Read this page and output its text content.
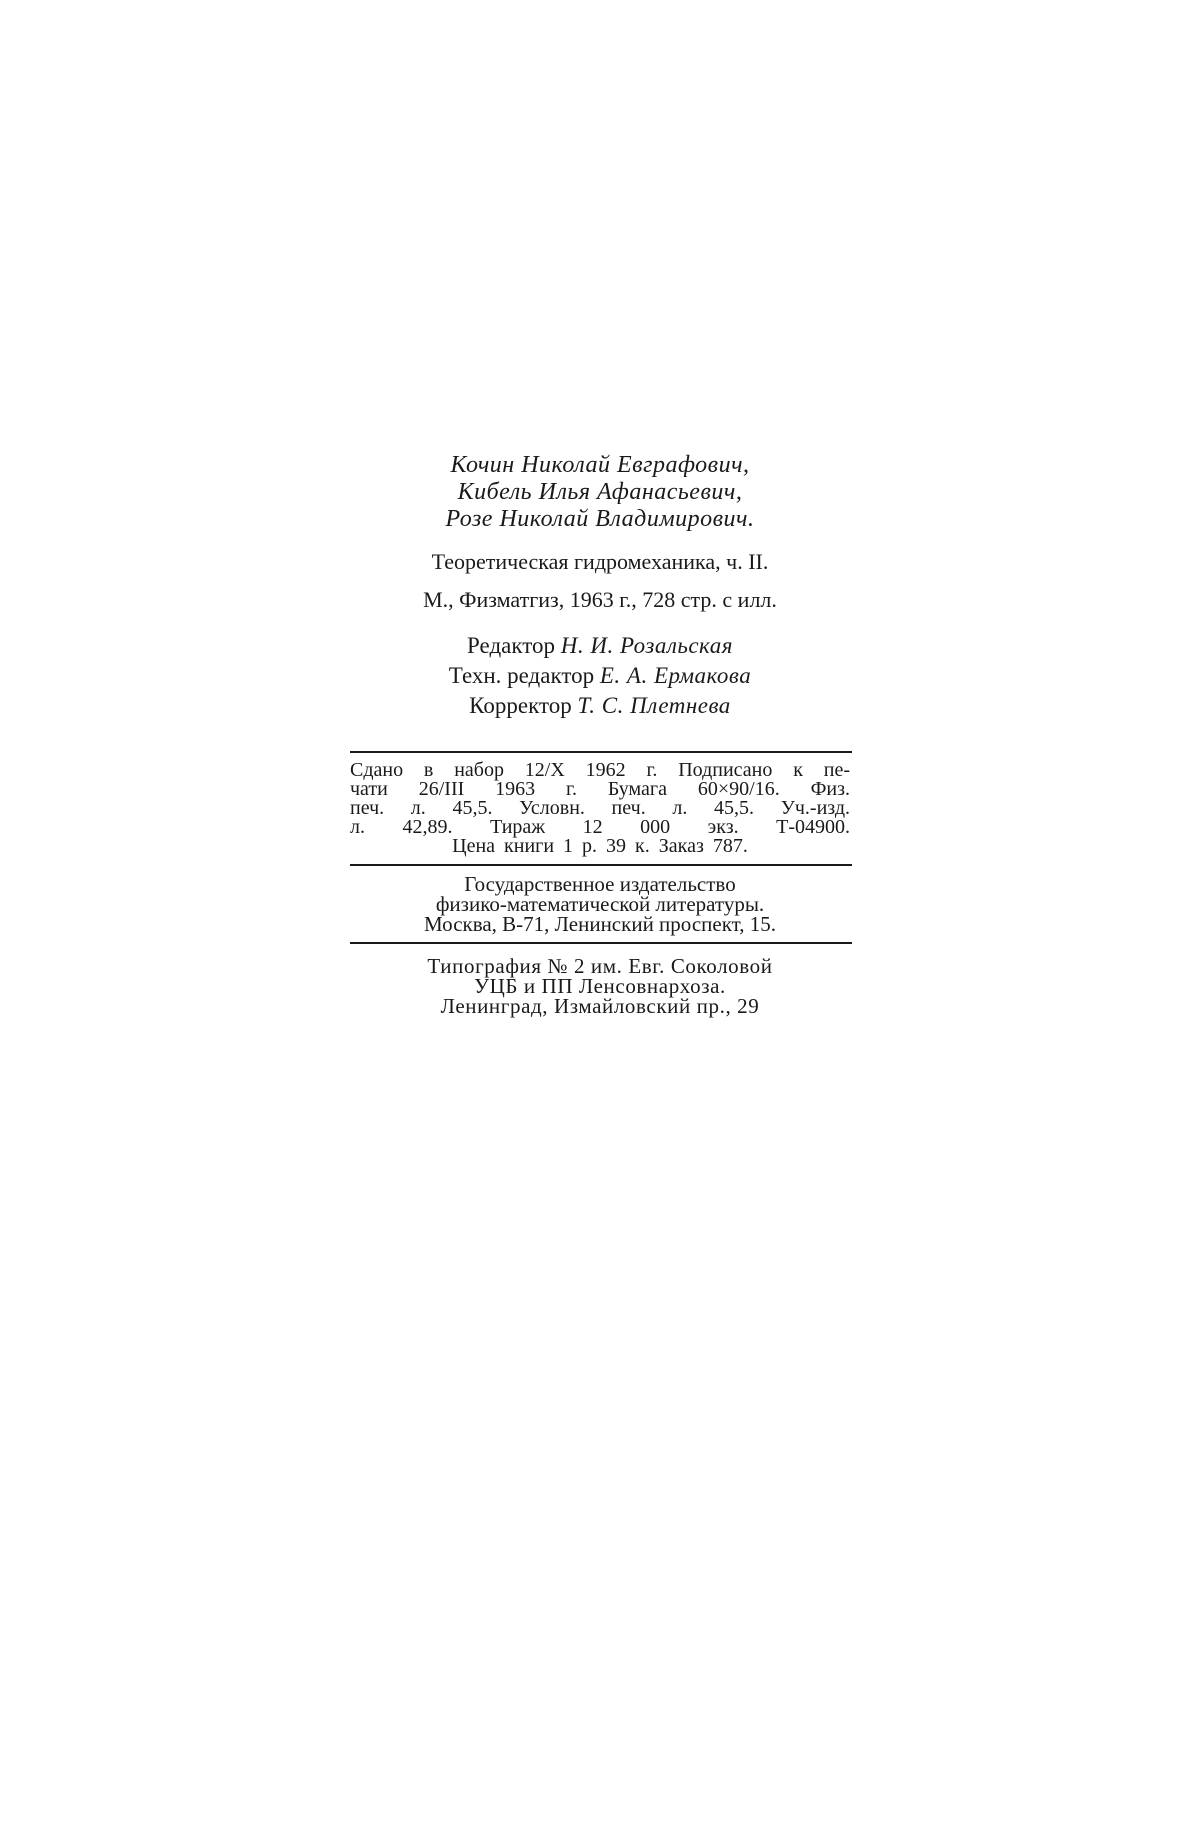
Кочин Николай Евграфович,
Кибель Илья Афанасьевич,
Розе Николай Владимирович.
Теоретическая гидромеханика, ч. II.
М., Физматгиз, 1963 г., 728 стр. с илл.
Редактор Н. И. Розальская
Техн. редактор Е. А. Ермакова
Корректор Т. С. Плетнева
Сдано в набор 12/X 1962 г. Подписано к пе-
чати 26/III 1963 г. Бумага 60×90/16. Физ.
печ. л. 45,5. Условн. печ. л. 45,5. Уч.-изд.
л. 42,89. Тираж 12 000 экз. Т-04900.
Цена книги 1 р. 39 к. Заказ 787.
Государственное издательство
физико-математической литературы.
Москва, В-71, Ленинский проспект, 15.
Типография № 2 им. Евг. Соколовой
УЦБ и ПП Ленсовнархоза.
Ленинград, Измайловский пр., 29
